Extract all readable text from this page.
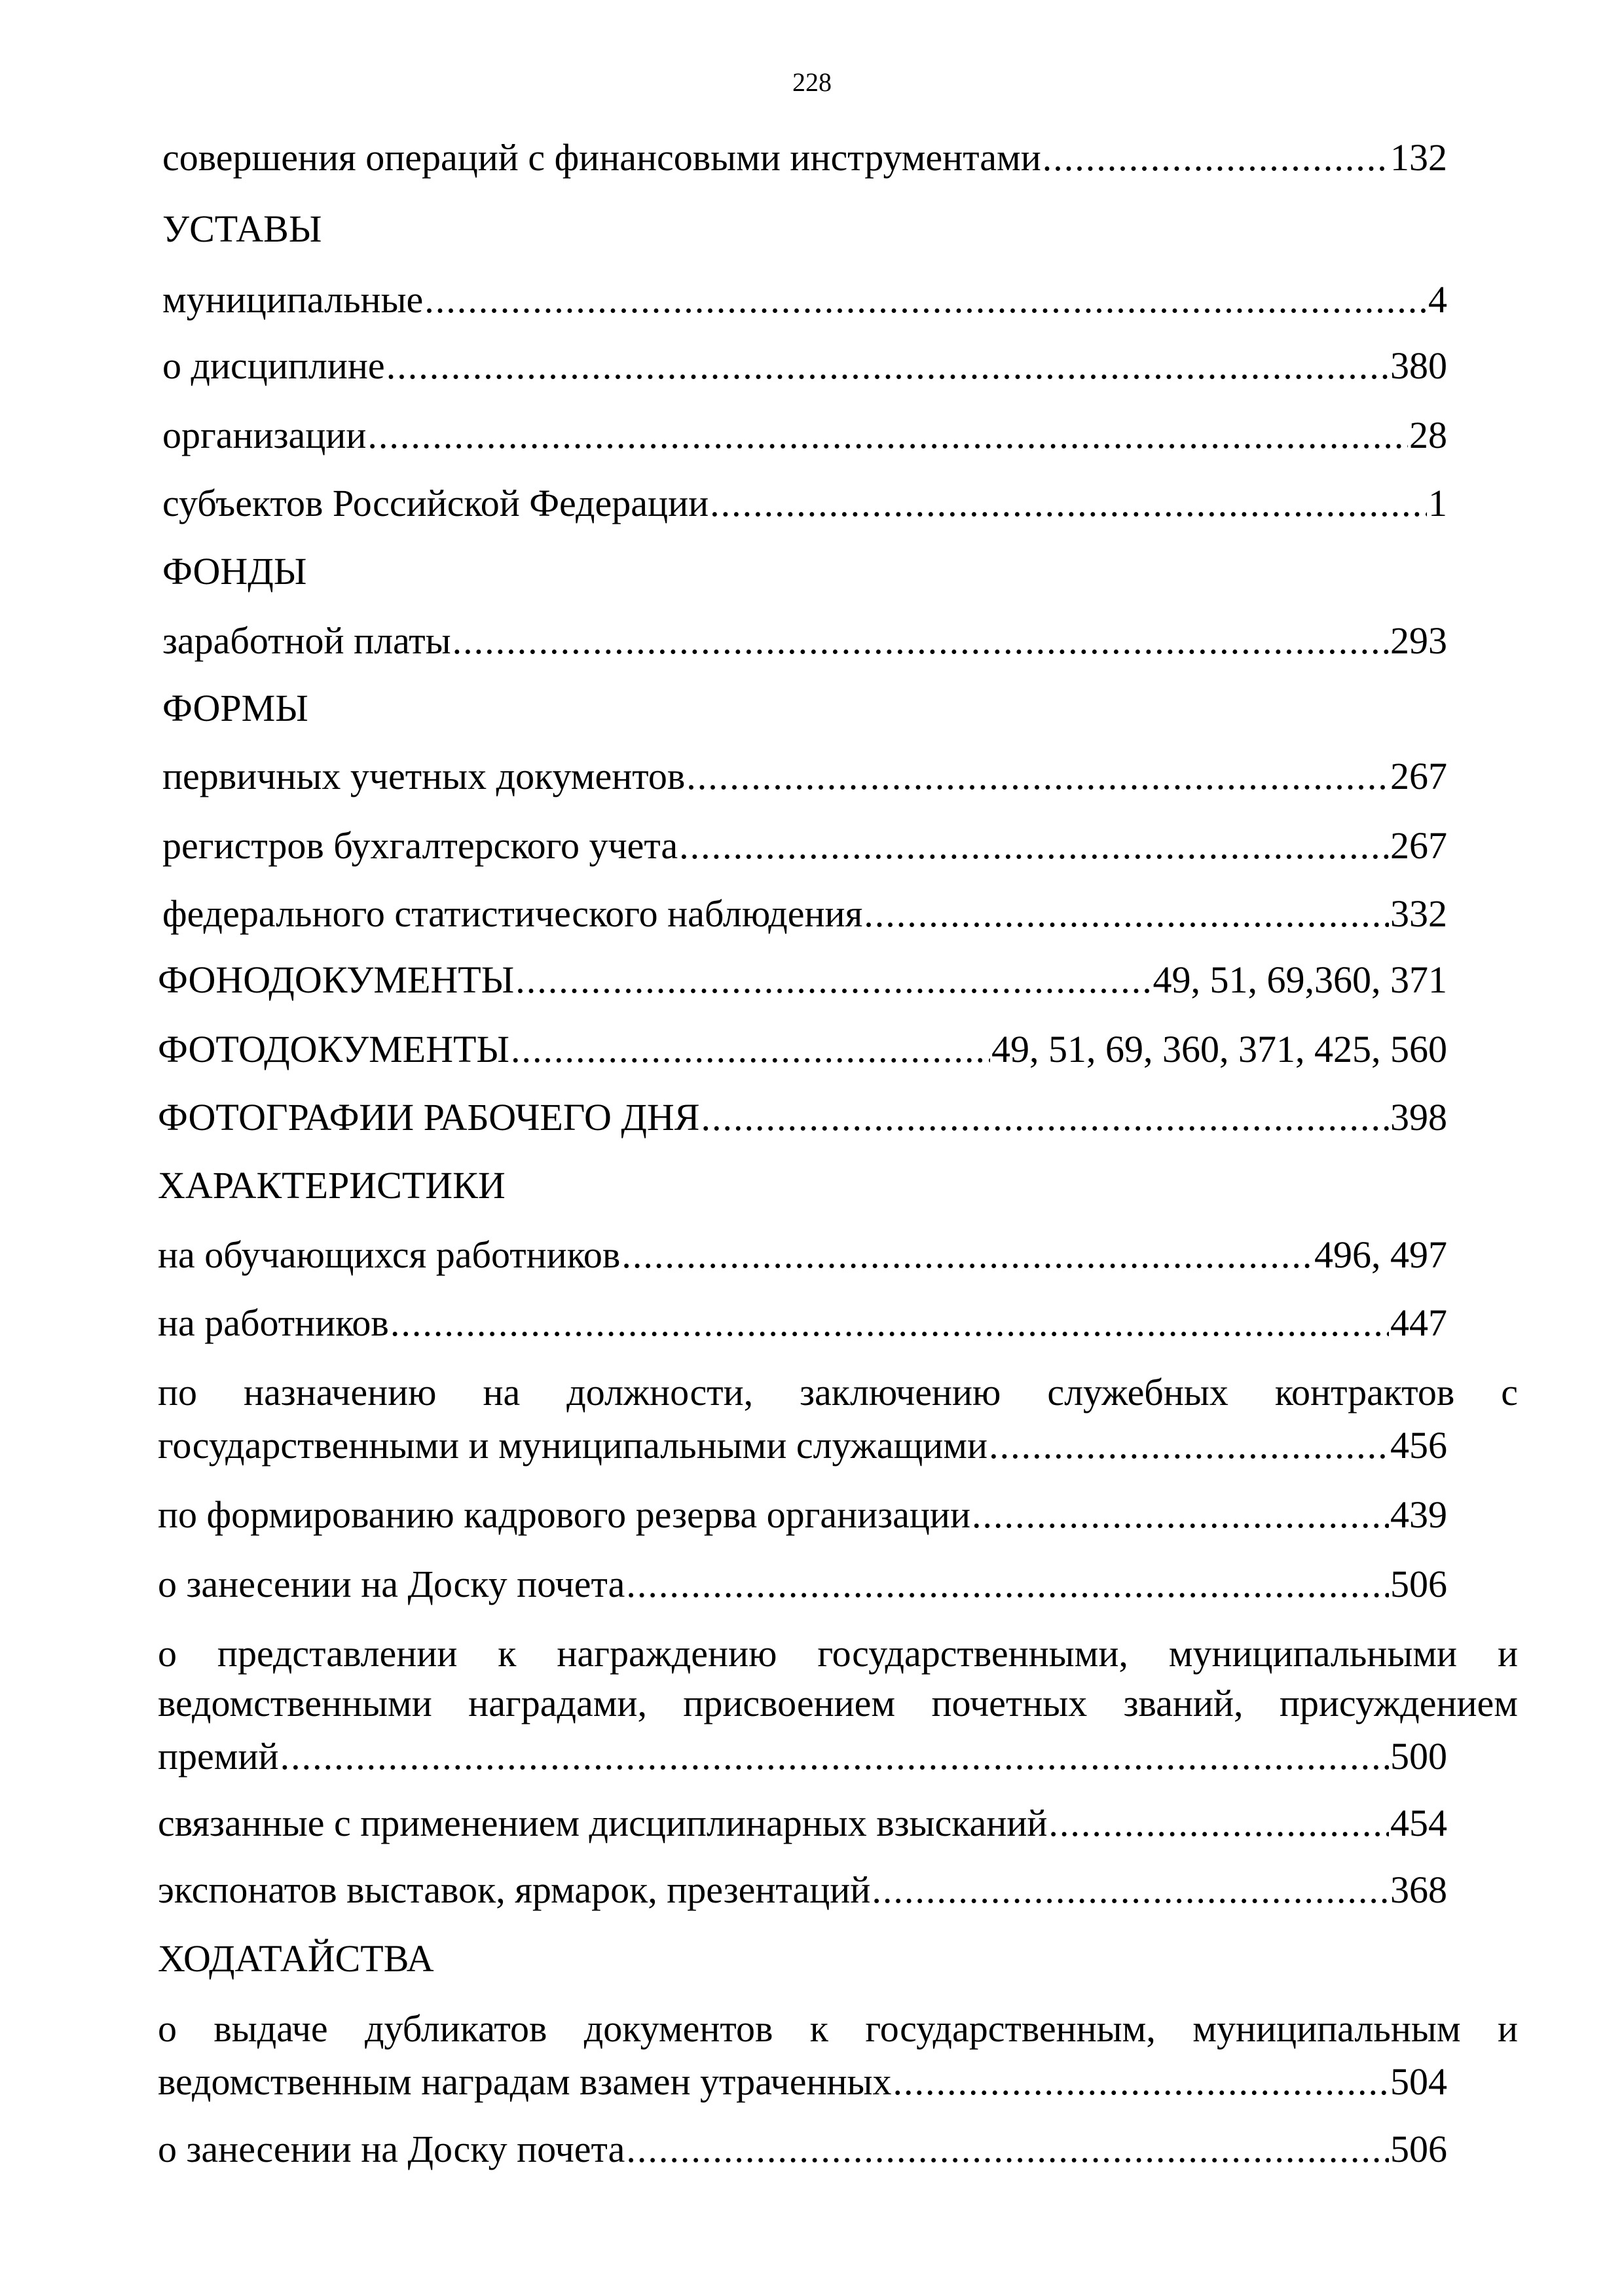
228
совершения операций с финансовыми инструментами .....	132
УСТАВЫ
муниципальные .....	4
о дисциплине .....	380
организации .....	28
субъектов Российской Федерации .....	1
ФОНДЫ
заработной платы .....	293
ФОРМЫ
первичных учетных документов .....	267
регистров бухгалтерского учета .....	267
федерального статистического наблюдения .....	332
ФОНОДОКУМЕНТЫ .....	49, 51, 69,360, 371
ФОТОДОКУМЕНТЫ .....	49, 51, 69, 360, 371, 425, 560
ФОТОГРАФИИ РАБОЧЕГО ДНЯ .....	398
ХАРАКТЕРИСТИКИ
на обучающихся работников .....	496, 497
на работников .....	447
по назначению на должности, заключению служебных контрактов с
государственными и муниципальными служащими .....	456
по формированию кадрового резерва организации .....	439
о занесении на Доску почета .....	506
о представлении к награждению государственными, муниципальными и
ведомственными наградами, присвоением почетных званий, присуждением
премий .....	500
связанные с применением дисциплинарных взысканий .....	454
экспонатов выставок, ярмарок, презентаций .....	368
ХОДАТАЙСТВА
о выдаче дубликатов документов к государственным, муниципальным и
ведомственным наградам взамен утраченных .....	504
о занесении на Доску почета .....	506
